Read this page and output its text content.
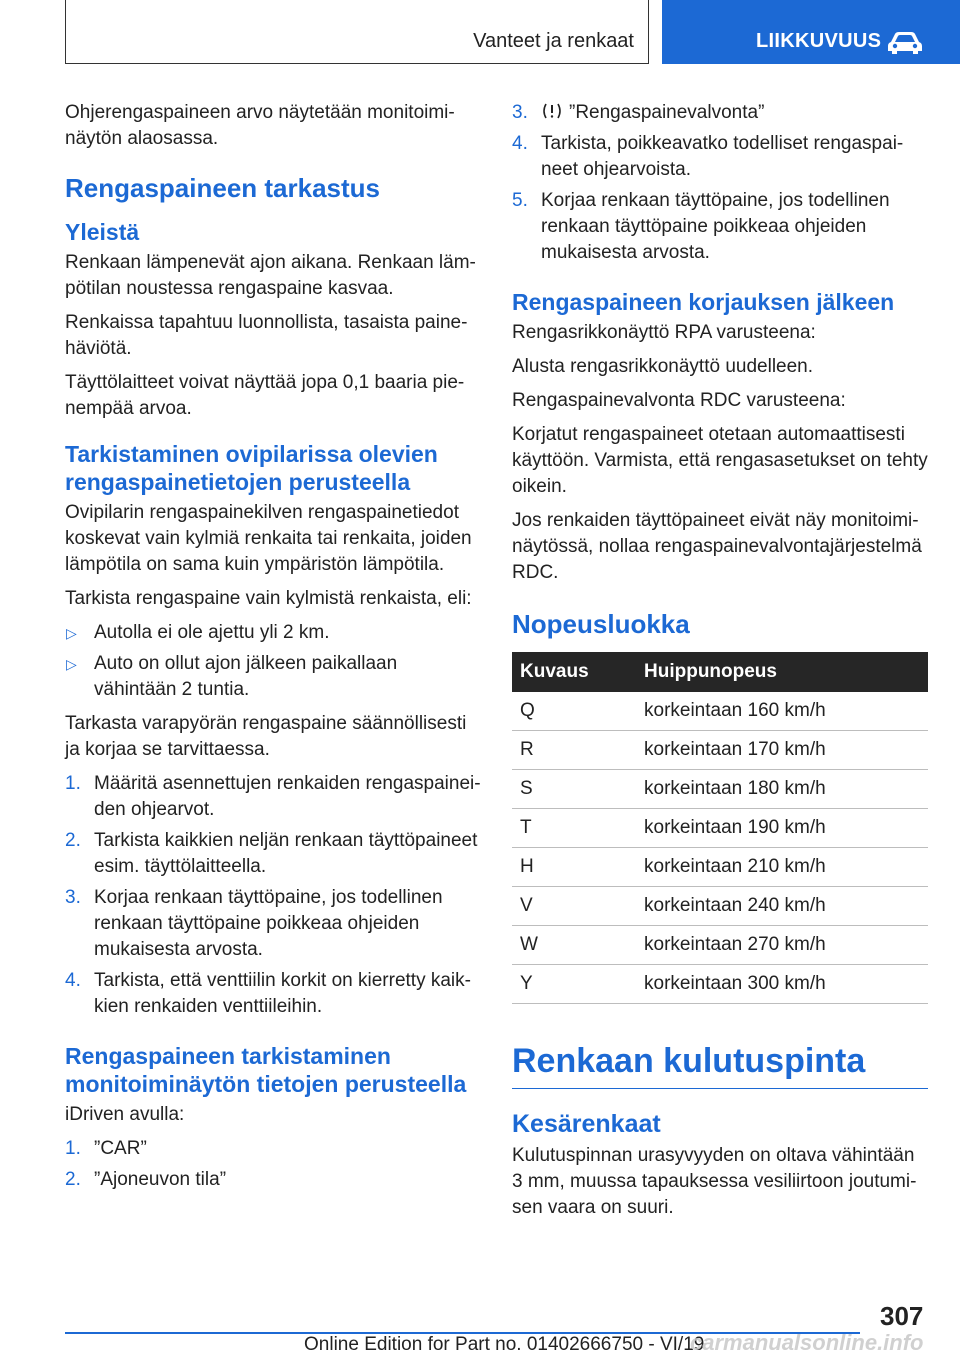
Vanteet ja renkaat	LIIKKUVUUS

Ohjerengaspaineen arvo näytetään monitoiminäytön alaosassa.

Rengaspaineen tarkastus
Yleistä

Renkaan lämpenevät ajon aikana. Renkaan lämpötilan noustessa rengaspaine kasvaa.

Renkaissa tapahtuu luonnollista, tasaista painehäviötä.

Täyttölaitteet voivat näyttää jopa 0,1 baaria pienempää arvoa.

Tarkistaminen ovipilarissa olevien rengaspainetietojen perusteella

Ovipilarin rengaspainekilven rengaspainetiedot koskevat vain kylmiä renkaita tai renkaita, joiden lämpötila on sama kuin ympäristön lämpötila.

Tarkista rengaspaine vain kylmistä renkaista, eli:

▷ Autolla ei ole ajettu yli 2 km.
▷ Auto on ollut ajon jälkeen paikallaan vähintään 2 tuntia.

Tarkasta varapyörän rengaspaine säännöllisesti ja korjaa se tarvittaessa.

1. Määritä asennettujen renkaiden rengaspaineiden ohjearvot.
2. Tarkista kaikkien neljän renkaan täyttöpaineet esim. täyttölaitteella.
3. Korjaa renkaan täyttöpaine, jos todellinen renkaan täyttöpaine poikkeaa ohjeiden mukaisesta arvosta.
4. Tarkista, että venttiilin korkit on kierretty kaikkien renkaiden venttiileihin.
Rengaspaineen tarkistaminen monitoiminäytön tietojen perusteella

iDriven avulla:

1. ”CAR”
2. ”Ajoneuvon tila”
3. ”Rengaspainevalvonta”
4. Tarkista, poikkeavatko todelliset rengaspaineet ohjearvoista.
5. Korjaa renkaan täyttöpaine, jos todellinen renkaan täyttöpaine poikkeaa ohjeiden mukaisesta arvosta.
Rengaspaineen korjauksen jälkeen

Rengasrikkonäyttö RPA varusteena:

Alusta rengasrikkonäyttö uudelleen.

Rengaspainevalvonta RDC varusteena:

Korjatut rengaspaineet otetaan automaattisesti käyttöön. Varmista, että rengasasetukset on tehty oikein.

Jos renkaiden täyttöpaineet eivät näy monitoiminäytössä, nollaa rengaspainevalvontajärjestelmä RDC.

Nopeusluokka
Kuvaus	Huippunopeus
Q	korkeintaan 160 km/h
R	korkeintaan 170 km/h
S	korkeintaan 180 km/h
T	korkeintaan 190 km/h
H	korkeintaan 210 km/h
V	korkeintaan 240 km/h
W	korkeintaan 270 km/h
Y	korkeintaan 300 km/h
Renkaan kulutuspinta
Kesärenkaat

Kulutuspinnan urasyvyyden on oltava vähintään 3 mm, muussa tapauksessa vesiliirtoon joutumisen vaara on suuri.

307
Online Edition for Part no. 01402666750 - VI/19
carmanualsonline.info
